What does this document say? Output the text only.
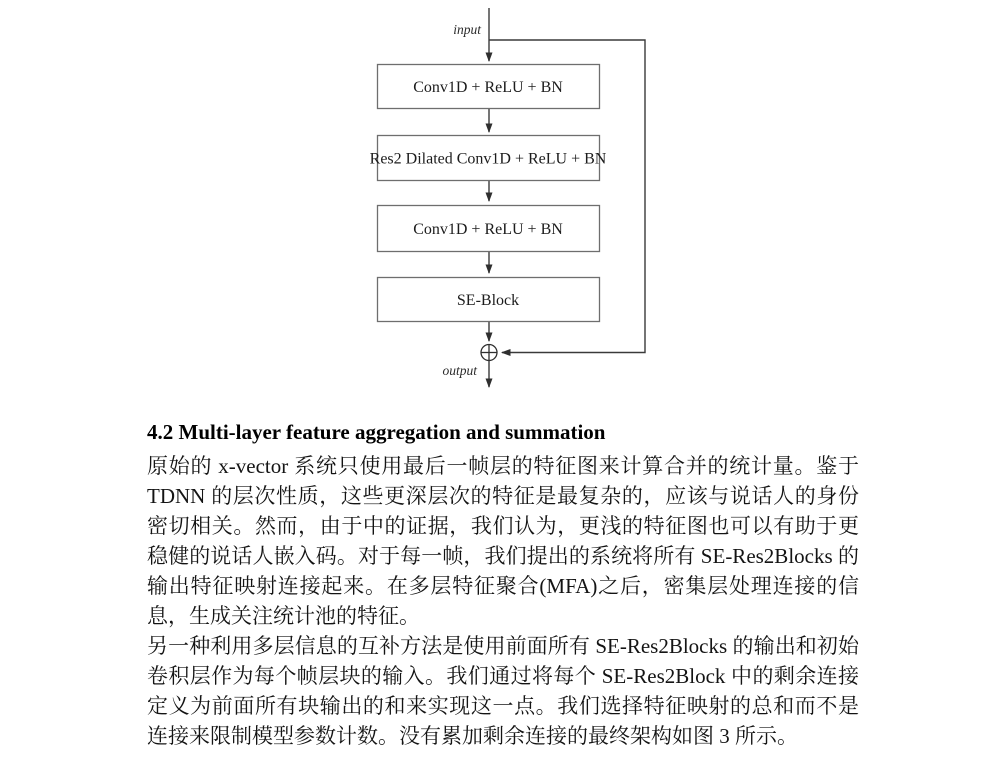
Conv1D + ReLU + BN
Res2 Dilated Conv1D + ReLU + BN
Conv1D + ReLU + BN
SE-Block
input
output
4.2 Multi-layer feature aggregation and summation

原始的 x-vector 系统只使用最后一帧层的特征图来计算合并的统计量。鉴于 TDNN 的层次性质，这些更深层次的特征是最复杂的，应该与说话人的身份密切相关。然而，由于中的证据，我们认为，更浅的特征图也可以有助于更稳健的说话人嵌入码。对于每一帧，我们提出的系统将所有 SE-Res2Blocks 的输出特征映射连接起来。在多层特征聚合(MFA)之后，密集层处理连接的信息，生成关注统计池的特征。

另一种利用多层信息的互补方法是使用前面所有 SE-Res2Blocks 的输出和初始卷积层作为每个帧层块的输入。我们通过将每个 SE-Res2Block 中的剩余连接定义为前面所有块输出的和来实现这一点。我们选择特征映射的总和而不是连接来限制模型参数计数。没有累加剩余连接的最终架构如图 3 所示。
